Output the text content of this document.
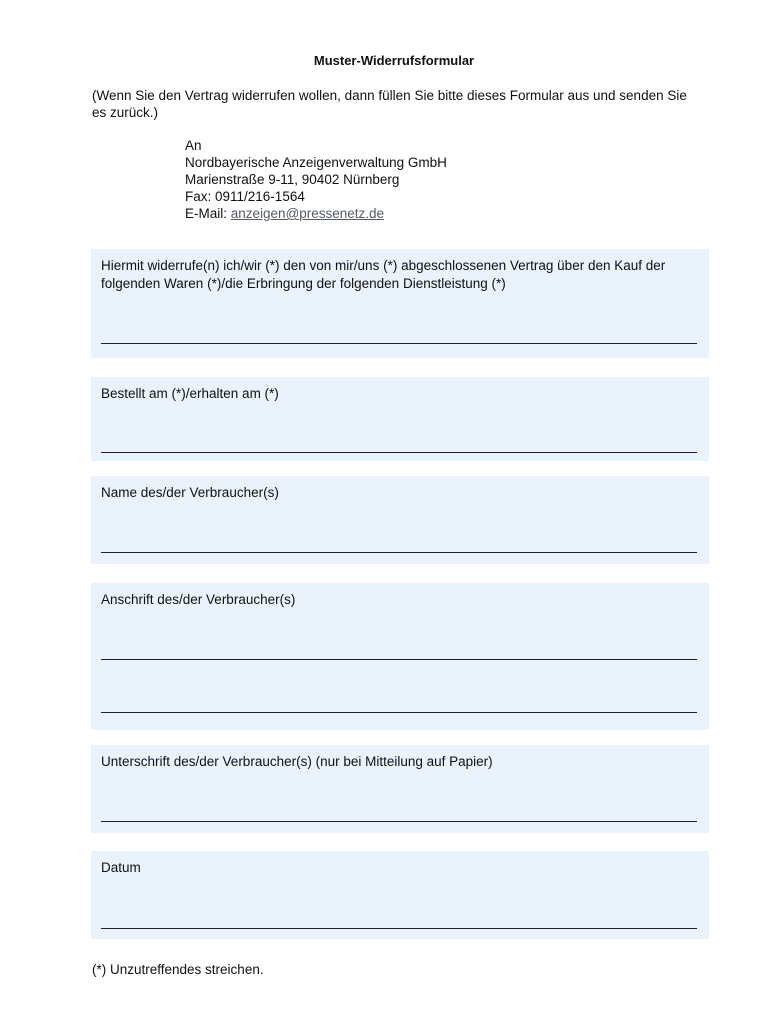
Muster-Widerrufsformular
(Wenn Sie den Vertrag widerrufen wollen, dann füllen Sie bitte dieses Formular aus und senden Sie es zurück.)
An
Nordbayerische Anzeigenverwaltung GmbH
Marienstraße 9-11, 90402 Nürnberg
Fax: 0911/216-1564
E-Mail: anzeigen@pressenetz.de
Hiermit widerrufe(n) ich/wir (*) den von mir/uns (*) abgeschlossenen Vertrag über den Kauf der folgenden Waren (*)/die Erbringung der folgenden Dienstleistung (*)
Bestellt am (*)/erhalten am (*)
Name des/der Verbraucher(s)
Anschrift des/der Verbraucher(s)
Unterschrift des/der Verbraucher(s) (nur bei Mitteilung auf Papier)
Datum
(*) Unzutreffendes streichen.
